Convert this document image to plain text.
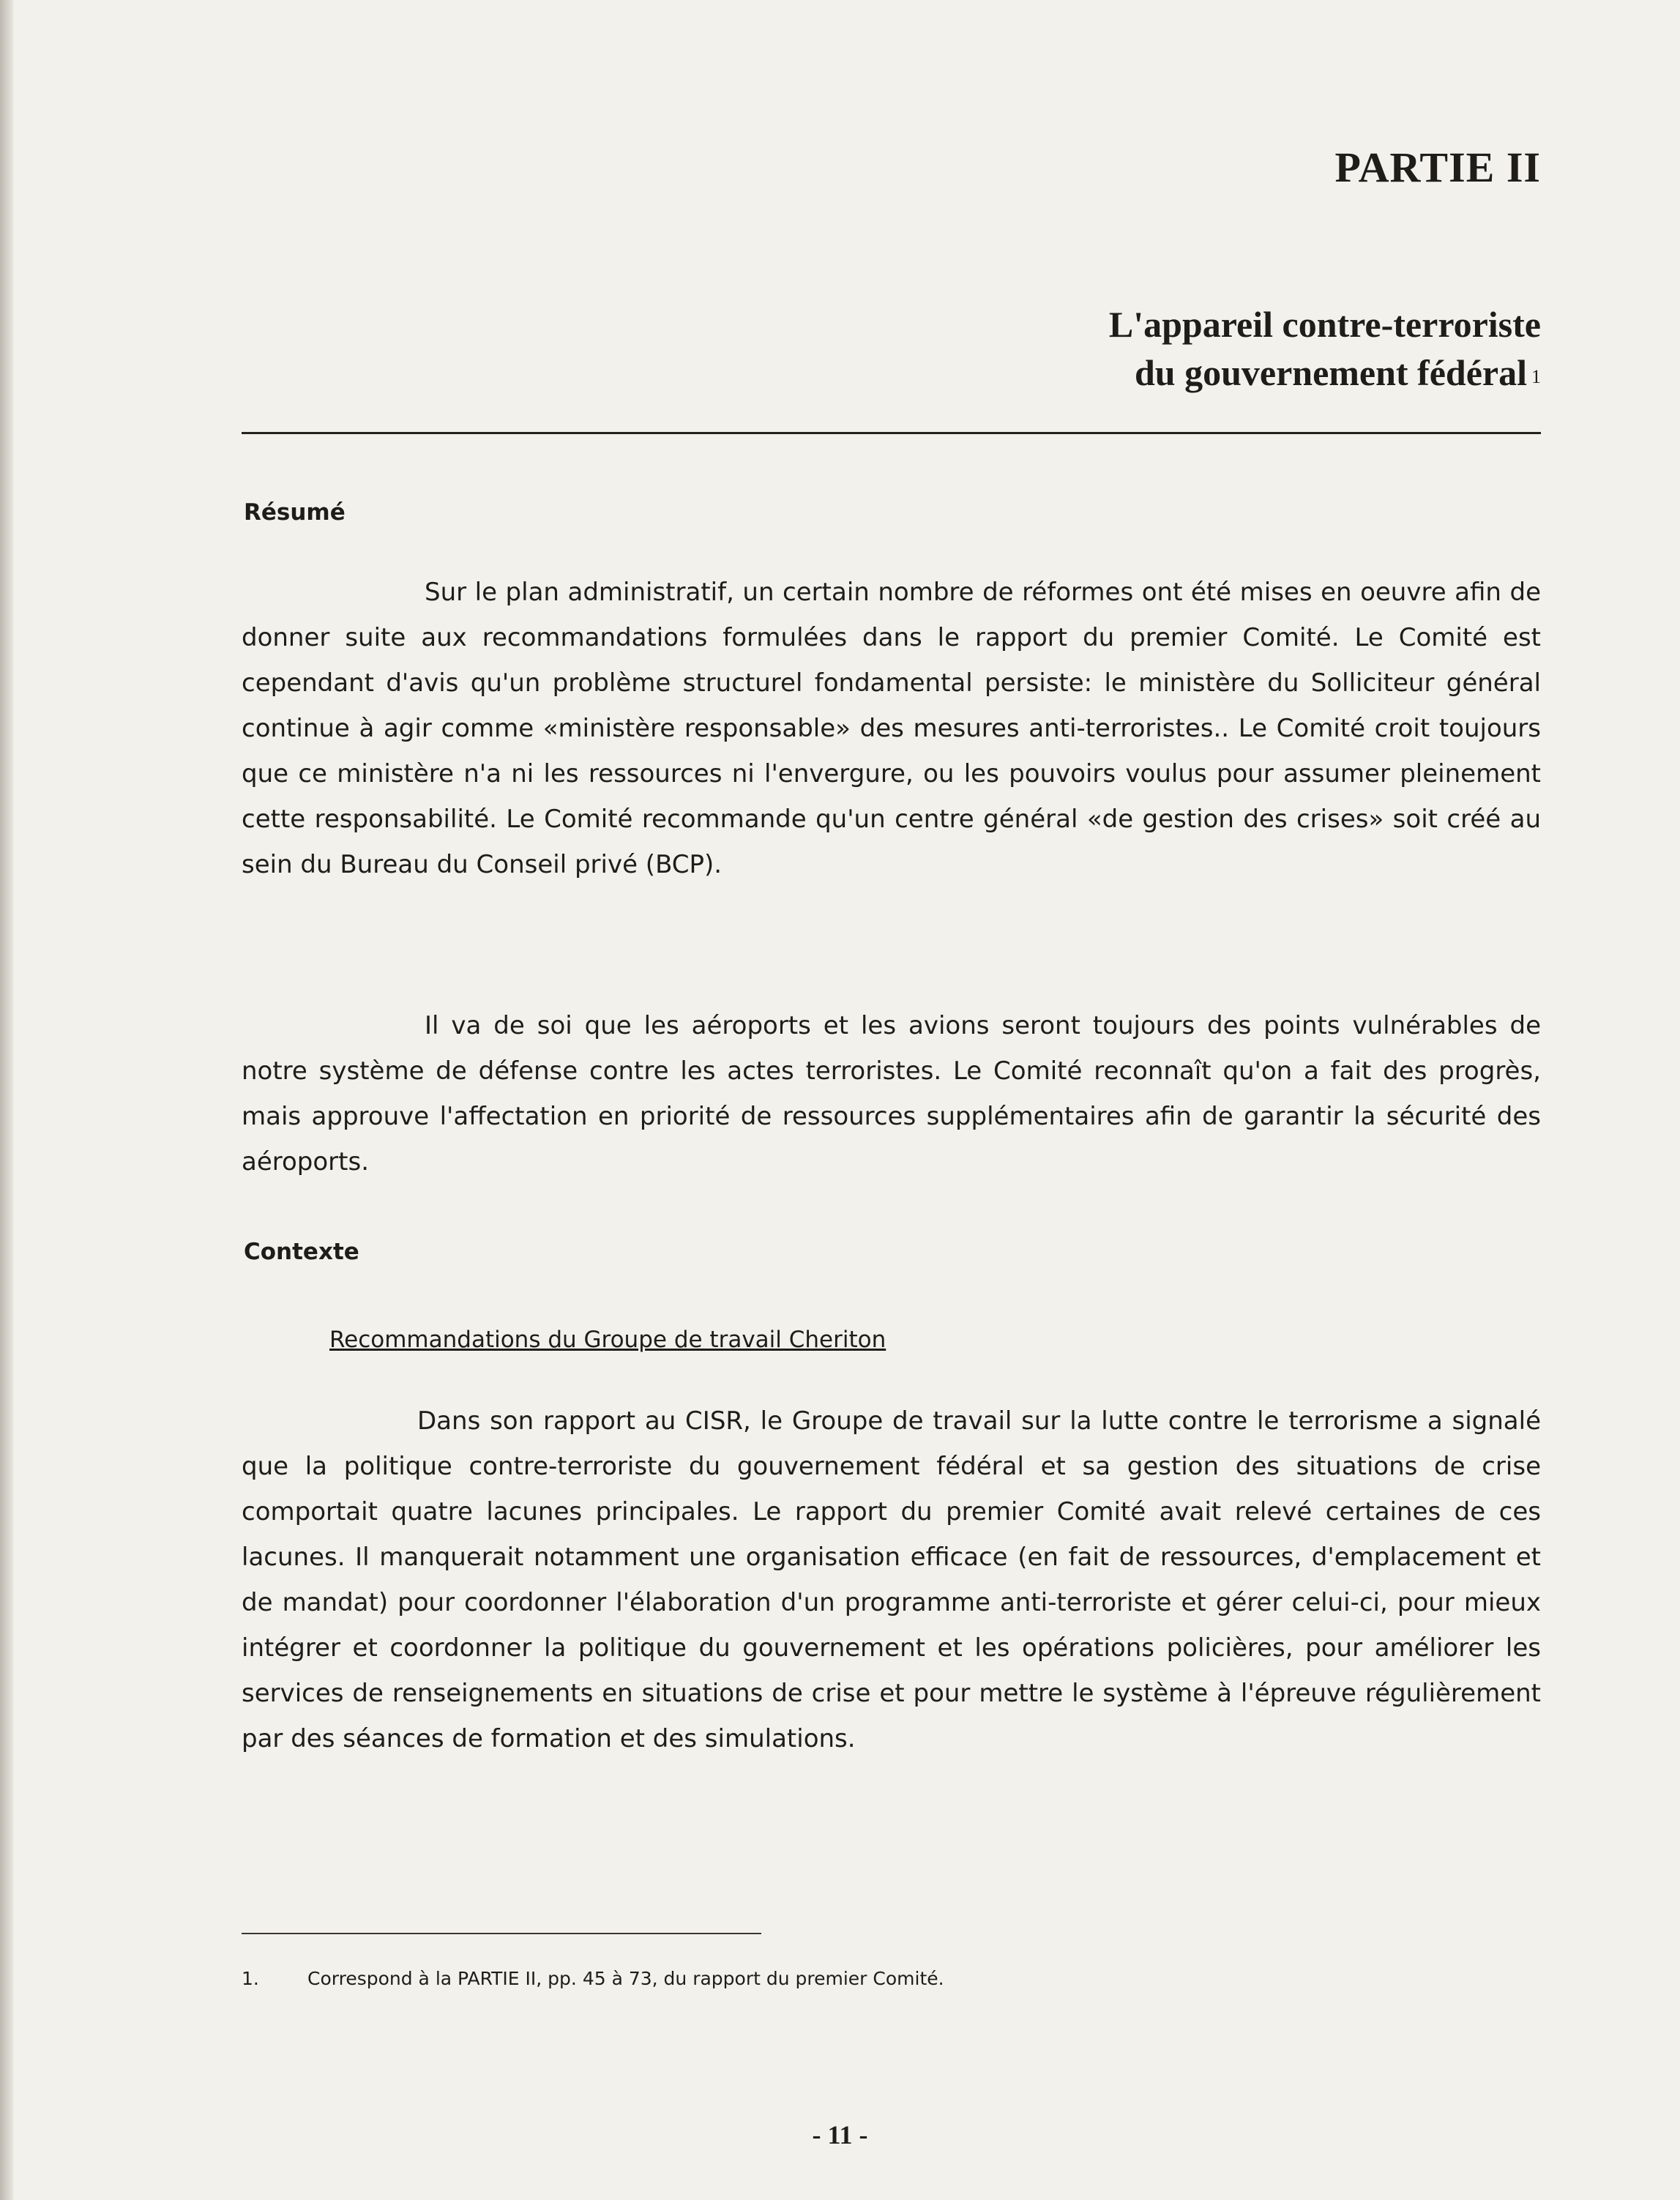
PARTIE II
L'appareil contre-terroriste
du gouvernement fédéral $^1$
Résumé

Sur le plan administratif, un certain nombre de réformes ont été mises en oeuvre afin de donner suite aux recommandations formulées dans le rapport du premier Comité. Le Comité est cependant d'avis qu'un problème structurel fondamental persiste: le ministère du Solliciteur général continue à agir comme «ministère responsable» des mesures anti-terroristes.. Le Comité croit toujours que ce ministère n'a ni les ressources ni l'envergure, ou les pouvoirs voulus pour assumer pleinement cette responsabilité. Le Comité recommande qu'un centre général «de gestion des crises» soit créé au sein du Bureau du Conseil privé (BCP).

Il va de soi que les aéroports et les avions seront toujours des points vulnérables de notre système de défense contre les actes terroristes. Le Comité reconnaît qu'on a fait des progrès, mais approuve l'affectation en priorité de ressources supplémentaires afin de garantir la sécurité des aéroports.

Contexte
Recommandations du Groupe de travail Cheriton

Dans son rapport au CISR, le Groupe de travail sur la lutte contre le terrorisme a signalé que la politique contre-terroriste du gouvernement fédéral et sa gestion des situations de crise comportait quatre lacunes principales. Le rapport du premier Comité avait relevé certaines de ces lacunes. Il manquerait notamment une organisation efficace (en fait de ressources, d'emplacement et de mandat) pour coordonner l'élaboration d'un programme anti-terroriste et gérer celui-ci, pour mieux intégrer et coordonner la politique du gouvernement et les opérations policières, pour améliorer les services de renseignements en situations de crise et pour mettre le système à l'épreuve régulièrement par des séances de formation et des simulations.

1.	Correspond à la PARTIE II, pp. 45 à 73, du rapport du premier Comité.
- 11 -
